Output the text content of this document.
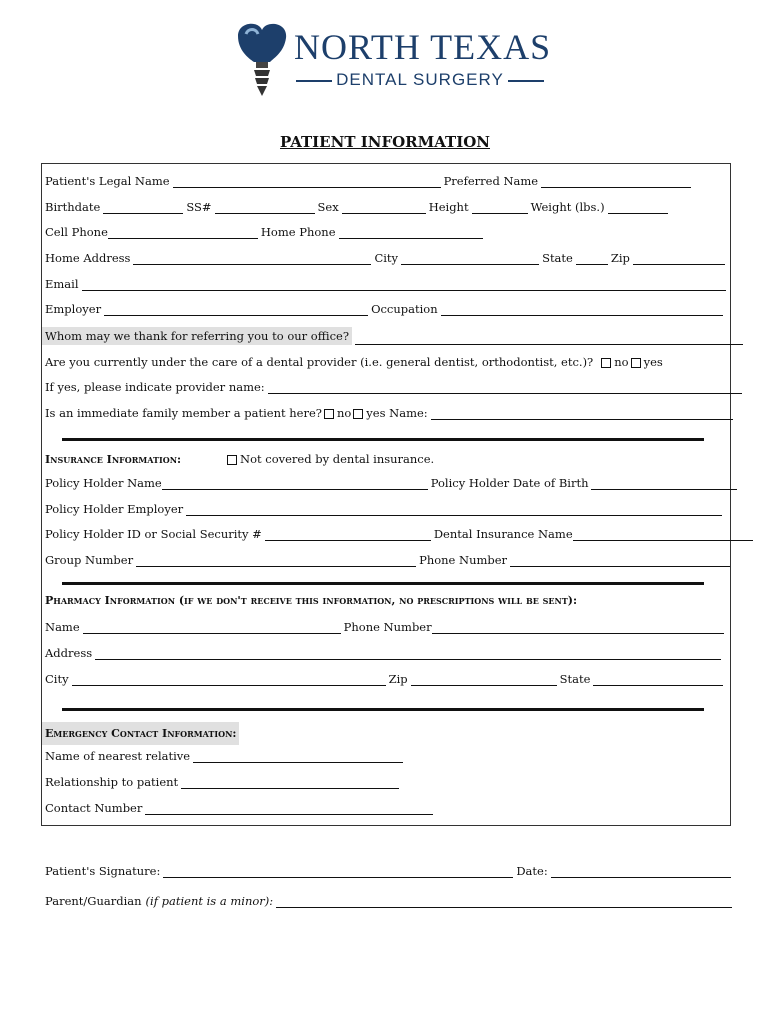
NORTH TEXAS
DENTAL SURGERY
PATIENT INFORMATION
Patient's Legal Name	Preferred Name
Birthdate	SS#	Sex	Height	Weight (lbs.)
Cell Phone	Home Phone
Home Address	City	State	Zip
Email
Employer	Occupation
Whom may we thank for referring you to our office?
Are you currently under the care of a dental provider (i.e. general dentist, orthodontist, etc.)? no yes
If yes, please indicate provider name:
Is an immediate family member a patient here? no yes Name:
Insurance Information:	Not covered by dental insurance.
Policy Holder Name	Policy Holder Date of Birth
Policy Holder Employer
Policy Holder ID or Social Security #	Dental Insurance Name
Group Number	Phone Number
Pharmacy Information (if we don't receive this information, no prescriptions will be sent):
Name	Phone Number
Address
City	Zip	State
Emergency Contact Information:
Name of nearest relative
Relationship to patient
Contact Number
Patient's Signature:	Date:
Parent/Guardian (if patient is a minor):
